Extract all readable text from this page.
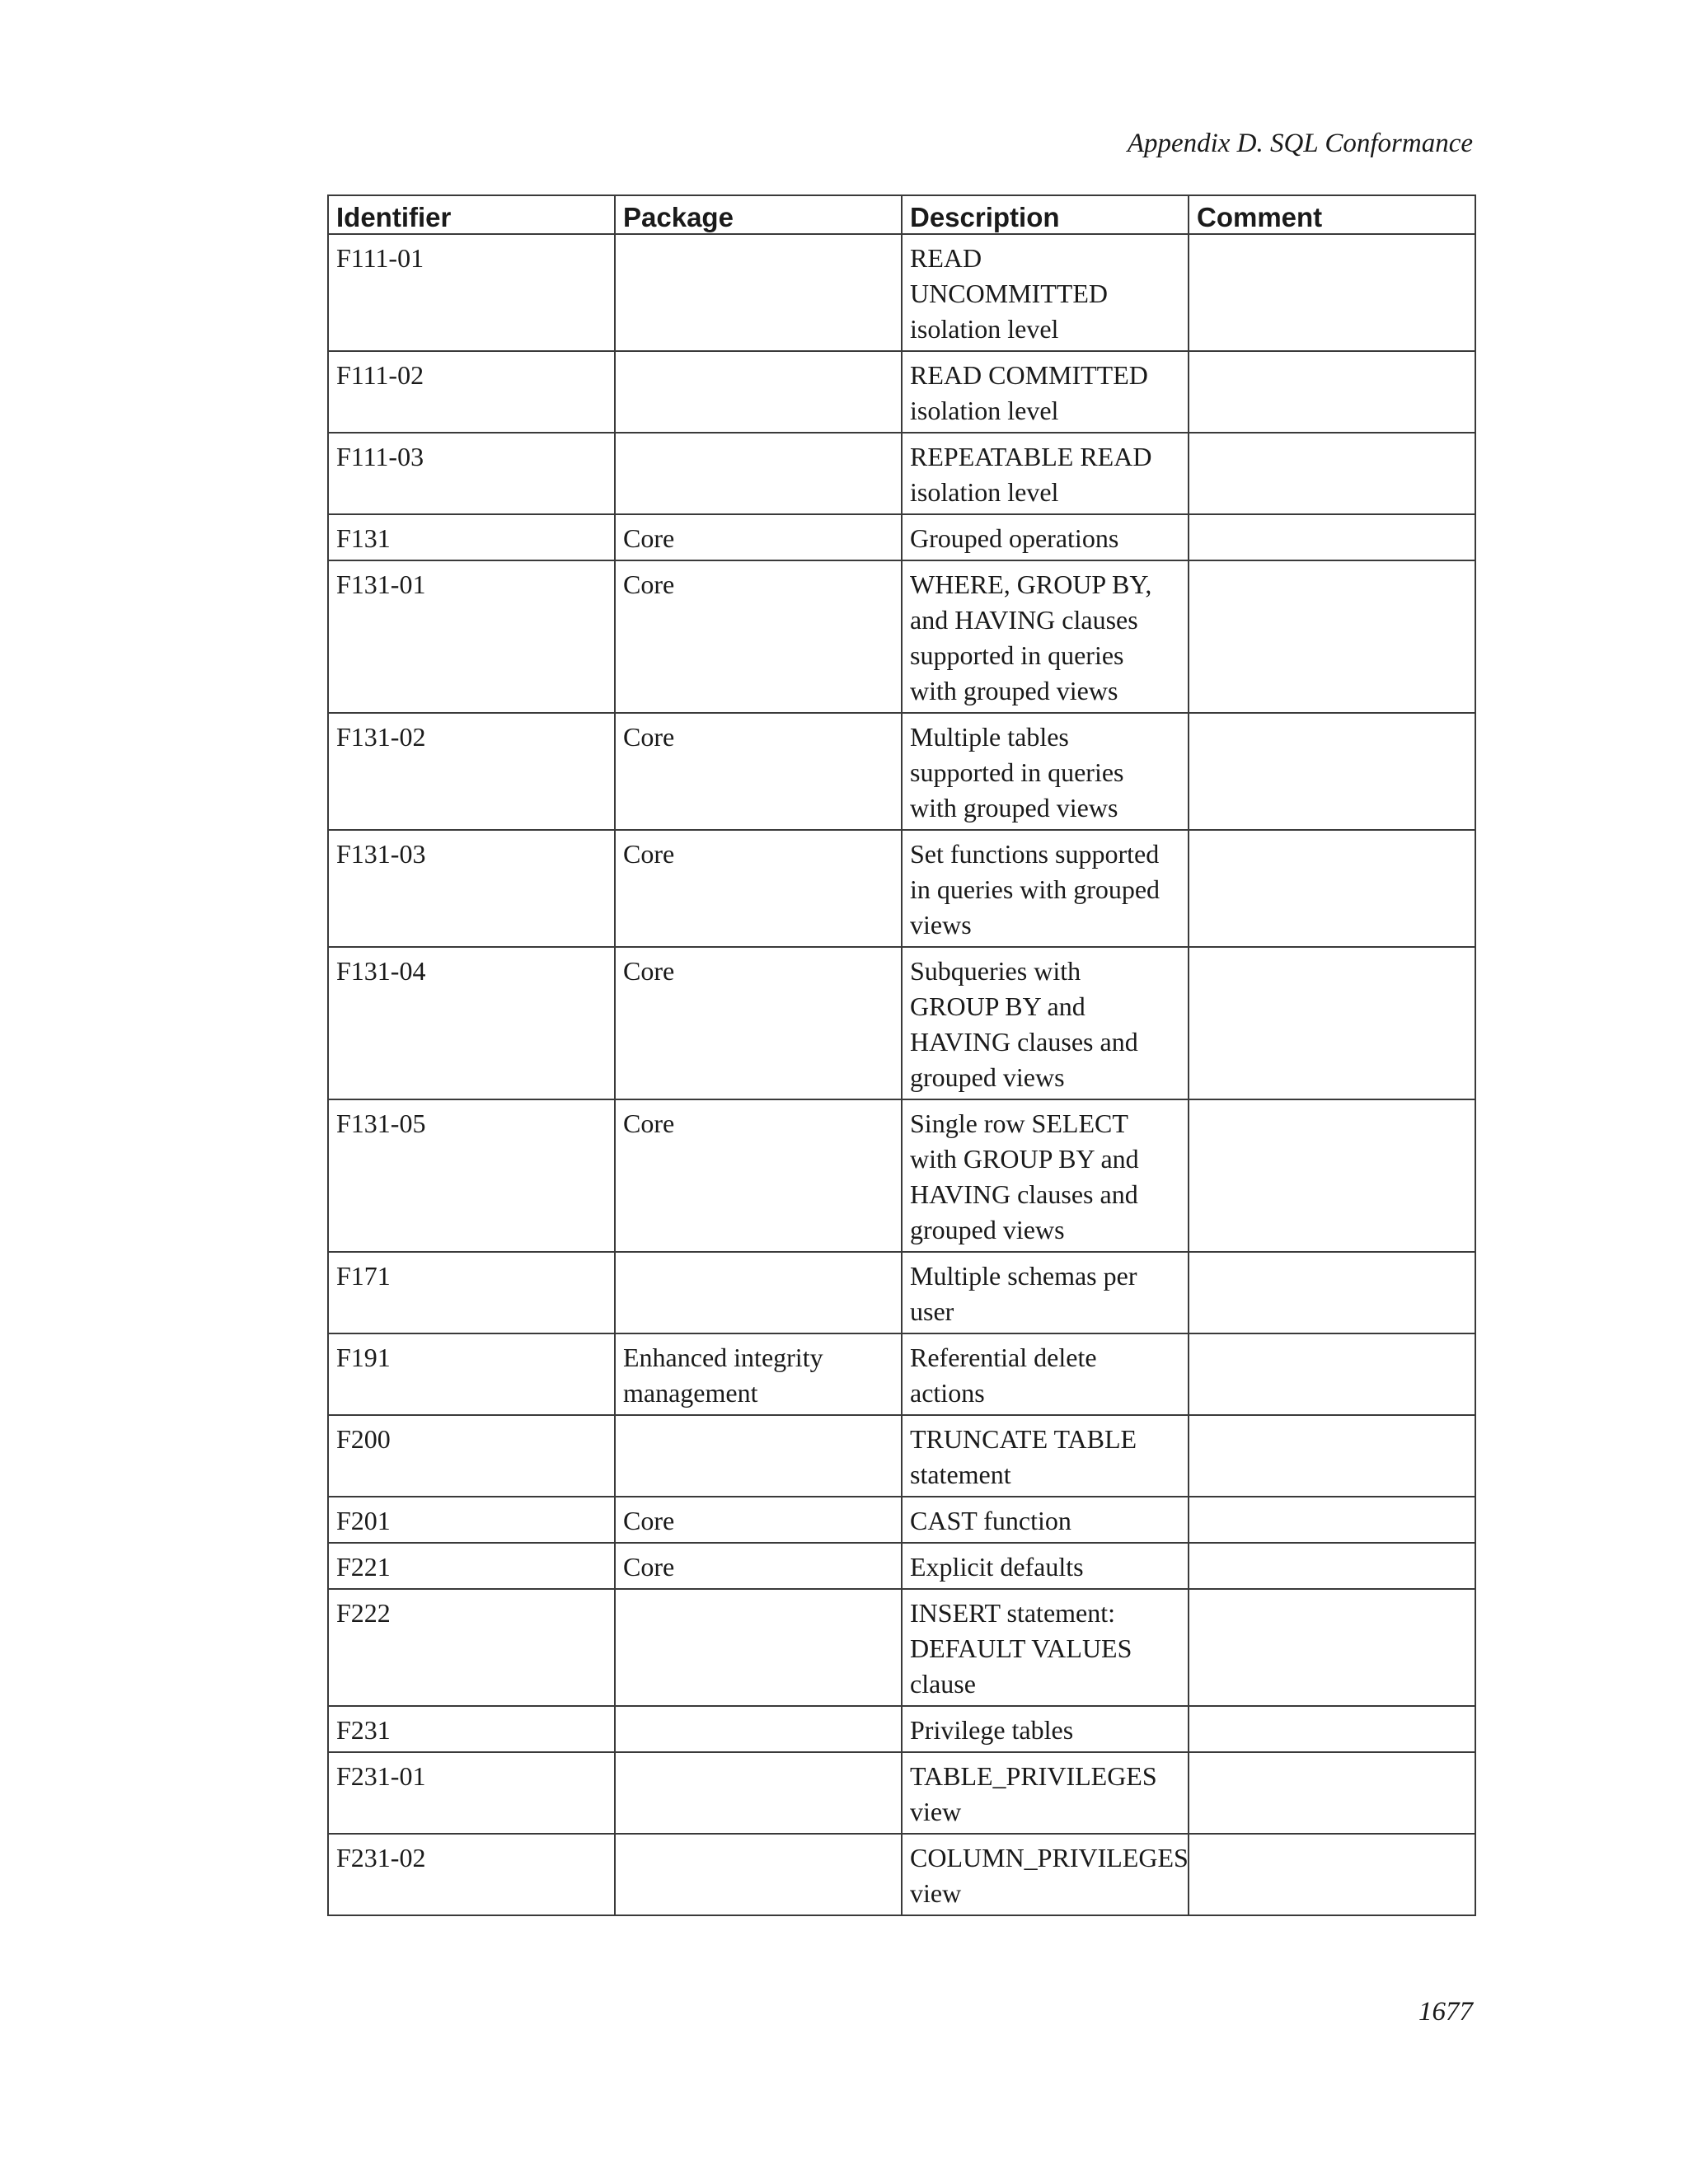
Appendix D. SQL Conformance
Identifier	Package	Description	Comment
F111-01		READ
UNCOMMITTED
isolation level	
F111-02		READ COMMITTED
isolation level	
F111-03		REPEATABLE READ
isolation level	
F131	Core	Grouped operations	
F131-01	Core	WHERE, GROUP BY,
and HAVING clauses
supported in queries
with grouped views	
F131-02	Core	Multiple tables
supported in queries
with grouped views	
F131-03	Core	Set functions supported
in queries with grouped
views	
F131-04	Core	Subqueries with
GROUP BY and
HAVING clauses and
grouped views	
F131-05	Core	Single row SELECT
with GROUP BY and
HAVING clauses and
grouped views	
F171		Multiple schemas per
user	
F191	Enhanced integrity
management	Referential delete
actions	
F200		TRUNCATE TABLE
statement	
F201	Core	CAST function	
F221	Core	Explicit defaults	
F222		INSERT statement:
DEFAULT VALUES
clause	
F231		Privilege tables	
F231-01		TABLE_PRIVILEGES
view	
F231-02		COLUMN_PRIVILEGES
view	
1677
